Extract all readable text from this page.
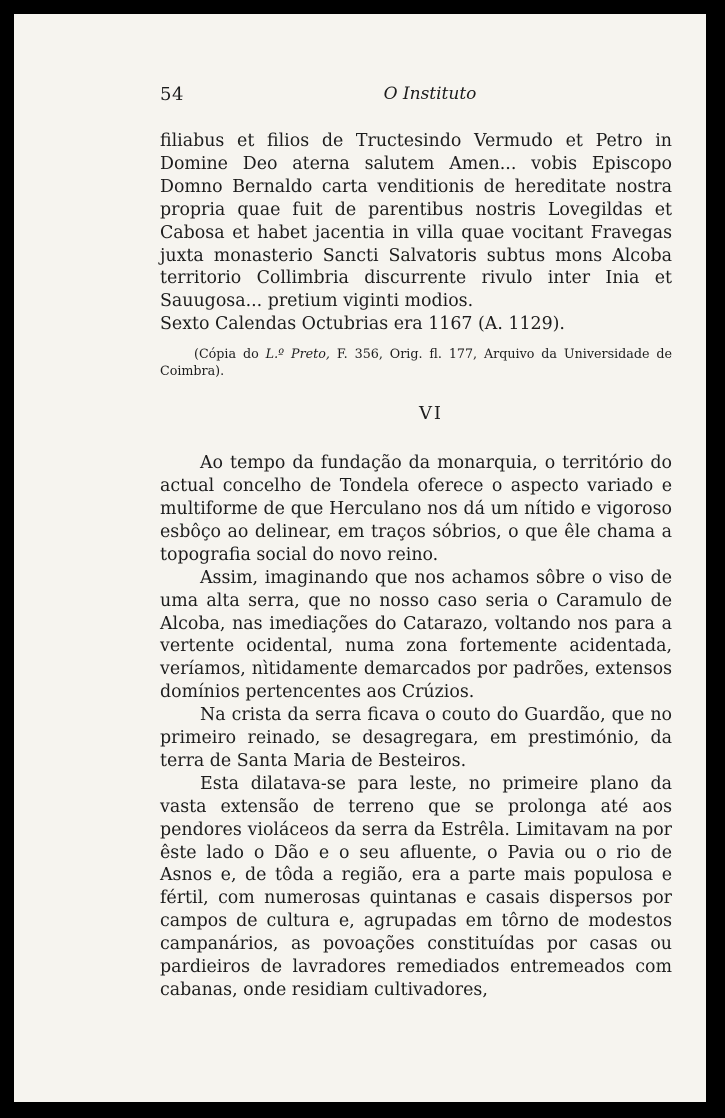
54	O Instituto

filiabus et filios de Tructesindo Vermudo et Petro in Domine Deo aterna salutem Amen... vobis Episcopo Domno Bernaldo carta venditionis de hereditate nostra propria quae fuit de parentibus nostris Lovegildas et Cabosa et habet jacentia in villa quae vocitant Fravegas juxta monasterio Sancti Salvatoris subtus mons Alcoba territorio Collimbria discurrente rivulo inter Inia et Sauugosa... pretium viginti modios.

Sexto Calendas Octubrias era 1167 (A. 1129).

(Cópia do L.º Preto, F. 356, Orig. fl. 177, Arquivo da Universidade de Coimbra).

VI

Ao tempo da fundação da monarquia, o território do actual concelho de Tondela oferece o aspecto variado e multiforme de que Herculano nos dá um nítido e vigoroso esbôço ao delinear, em traços sóbrios, o que êle chama a topografia social do novo reino.

Assim, imaginando que nos achamos sôbre o viso de uma alta serra, que no nosso caso seria o Caramulo de Alcoba, nas imediações do Catarazo, voltando nos para a vertente ocidental, numa zona fortemente acidentada, veríamos, nìtidamente demarcados por padrões, extensos domínios pertencentes aos Crúzios.

Na crista da serra ficava o couto do Guardão, que no primeiro reinado, se desagregara, em prestimónio, da terra de Santa Maria de Besteiros.

Esta dilatava-se para leste, no primeire plano da vasta extensão de terreno que se prolonga até aos pendores violáceos da serra da Estrêla. Limitavam na por êste lado o Dão e o seu afluente, o Pavia ou o rio de Asnos e, de tôda a região, era a parte mais populosa e fértil, com numerosas quintanas e casais dispersos por campos de cultura e, agrupadas em tôrno de modestos campanários, as povoações constituídas por casas ou pardieiros de lavradores remediados entremeados com cabanas, onde residiam cultivadores,
